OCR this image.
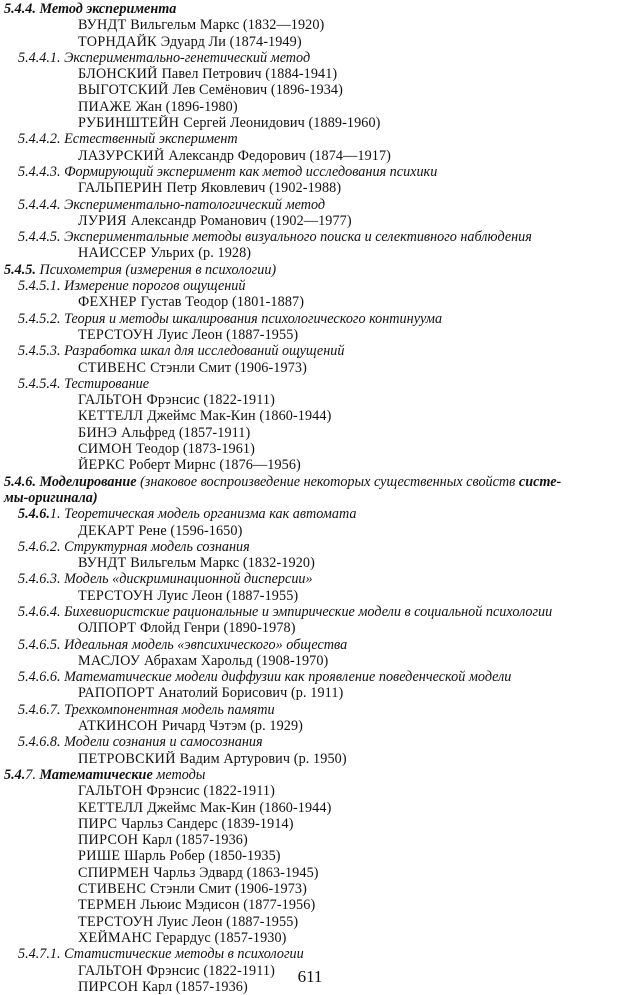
5.4.4. Метод эксперимента
ВУНДТ Вильгельм Маркс (1832—1920)
ТОРНДАЙК Эдуард Ли (1874-1949)
5.4.4.1. Экспериментально-генетический метод
БЛОНСКИЙ Павел Петрович (1884-1941)
ВЫГОТСКИЙ Лев Семёнович (1896-1934)
ПИАЖЕ Жан (1896-1980)
РУБИНШТЕЙН Сергей Леонидович (1889-1960)
5.4.4.2. Естественный эксперимент
ЛАЗУРСКИЙ Александр Федорович (1874—1917)
5.4.4.3. Формирующий эксперимент как метод исследования психики
ГАЛЬПЕРИН Петр Яковлевич (1902-1988)
5.4.4.4. Экспериментально-патологический метод
ЛУРИЯ Александр Романович (1902—1977)
5.4.4.5. Экспериментальные методы визуального поиска и селективного наблюдения
НАИССЕР Ульрих (р. 1928)
5.4.5. Психометрия (измерения в психологии)
5.4.5.1. Измерение порогов ощущений
ФЕХНЕР Густав Теодор (1801-1887)
5.4.5.2. Теория и методы шкалирования психологического континуума
ТЕРСТОУН Луис Леон (1887-1955)
5.4.5.3. Разработка шкал для исследований ощущений
СТИВЕНС Стэнли Смит (1906-1973)
5.4.5.4. Тестирование
ГАЛЬТОН Фрэнсис (1822-1911)
КЕТТЕЛЛ Джеймс Мак-Кин (1860-1944)
БИНЭ Альфред (1857-1911)
СИМОН Теодор (1873-1961)
ЙЕРКС Роберт Мирнс (1876—1956)
5.4.6. Моделирование (знаковое воспроизведение некоторых существенных свойств систе-
мы-оригинала)
5.4.6.1. Теоретическая модель организма как автомата
ДЕКАРТ Рене (1596-1650)
5.4.6.2. Структурная модель сознания
ВУНДТ Вильгельм Маркс (1832-1920)
5.4.6.3. Модель «дискриминационной дисперсии»
ТЕРСТОУН Луис Леон (1887-1955)
5.4.6.4. Бихевиористские рациональные и эмпирические модели в социальной психологии
ОЛПОРТ Флойд Генри (1890-1978)
5.4.6.5. Идеальная модель «эвпсихического» общества
МАСЛОУ Абрахам Харольд (1908-1970)
5.4.6.6. Математические модели диффузии как проявление поведенческой модели
РАПОПОРТ Анатолий Борисович (р. 1911)
5.4.6.7. Трехкомпонентная модель памяти
АТКИНСОН Ричард Чэтэм (р. 1929)
5.4.6.8. Модели сознания и самосознания
ПЕТРОВСКИЙ Вадим Артурович (р. 1950)
5.4.7. Математические методы
ГАЛЬТОН Фрэнсис (1822-1911)
КЕТТЕЛЛ Джеймс Мак-Кин (1860-1944)
ПИРС Чарльз Сандерс (1839-1914)
ПИРСОН Карл (1857-1936)
РИШЕ Шарль Робер (1850-1935)
СПИРМЕН Чарльз Эдвард (1863-1945)
СТИВЕНС Стэнли Смит (1906-1973)
ТЕРМЕН Льюис Мэдисон (1877-1956)
ТЕРСТОУН Луис Леон (1887-1955)
ХЕЙМАНС Герардус (1857-1930)
5.4.7.1. Статистические методы в психологии
ГАЛЬТОН Фрэнсис (1822-1911)
ПИРСОН Карл (1857-1936)
611
